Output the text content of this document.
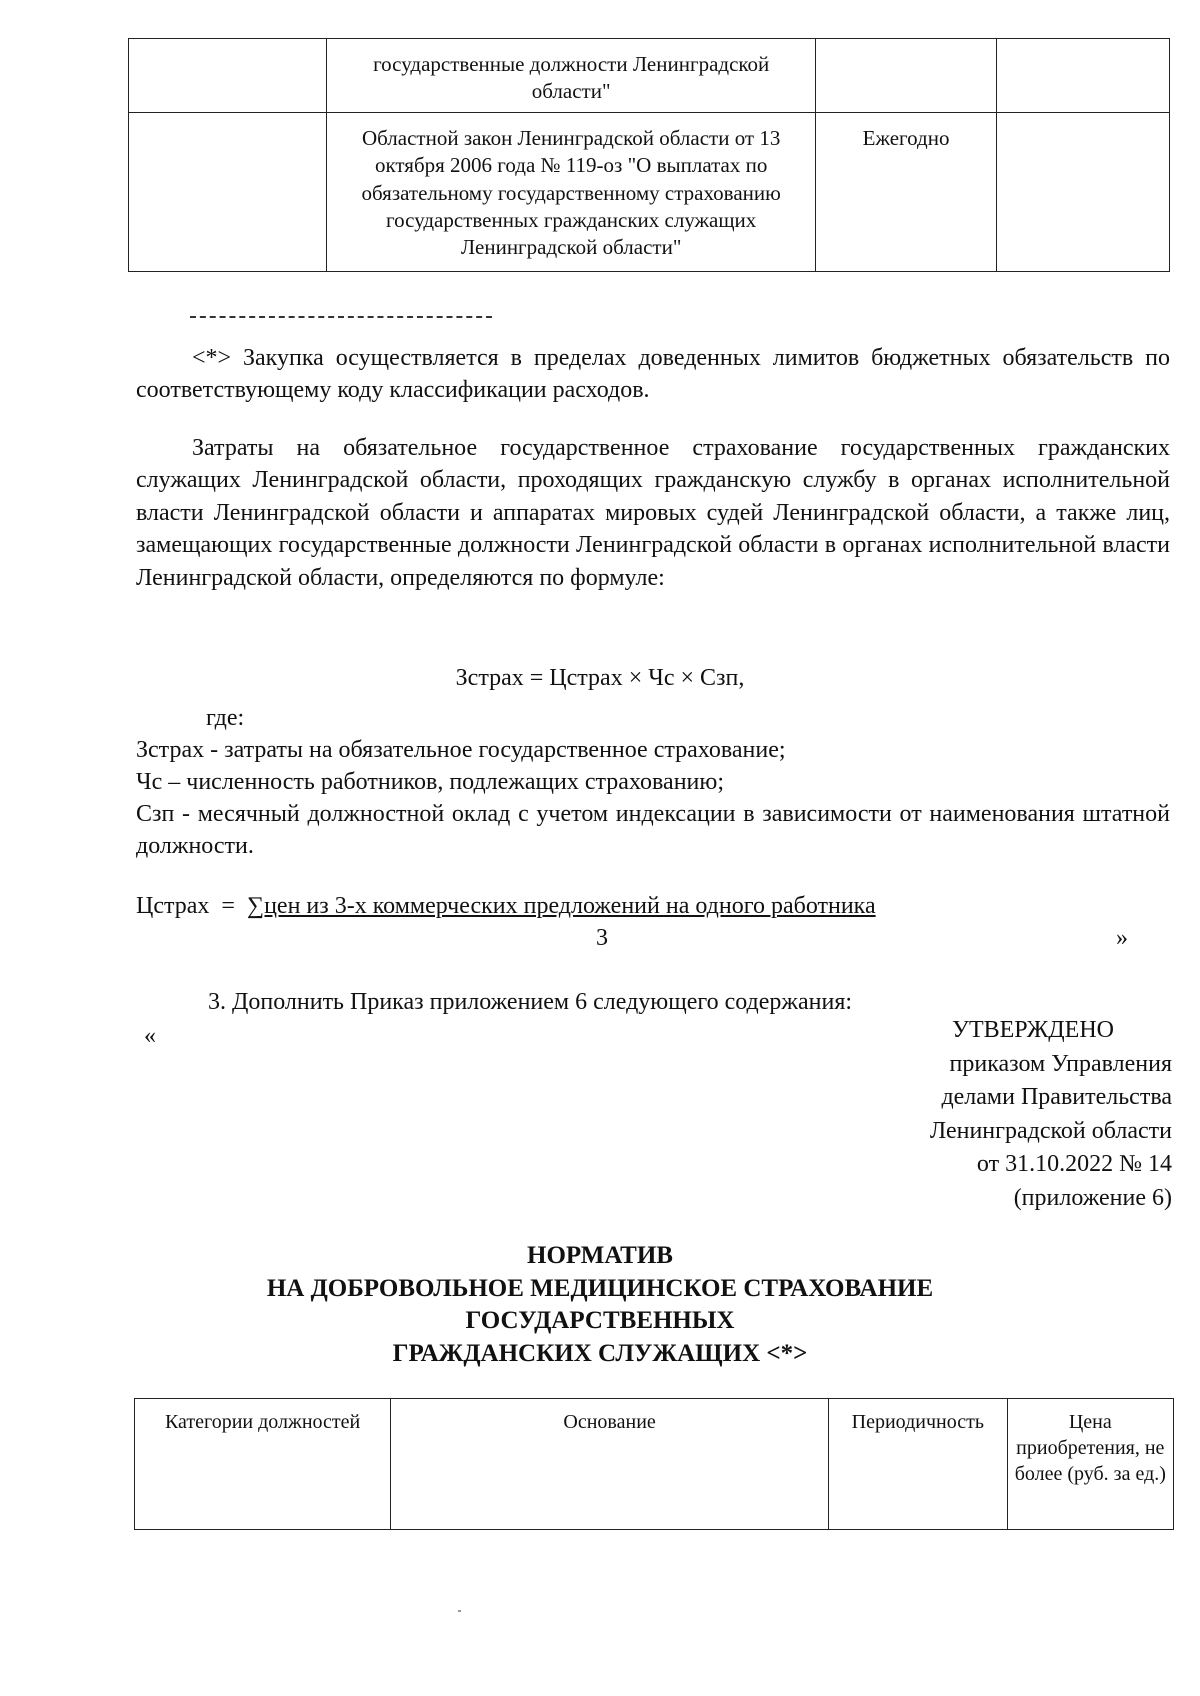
	государственные должности Ленинградской области"		
	Областной закон Ленинградской области от 13 октября 2006 года № 119-оз "О выплатах по обязательному государственному страхованию государственных гражданских служащих Ленинградской области"	Ежегодно	
<*> Закупка осуществляется в пределах доведенных лимитов бюджетных обязательств по соответствующему коду классификации расходов.
Затраты на обязательное государственное страхование государственных гражданских служащих Ленинградской области, проходящих гражданскую службу в органах исполнительной власти Ленинградской области и аппаратах мировых судей Ленинградской области, а также лиц, замещающих государственные должности Ленинградской области в органах исполнительной власти Ленинградской области, определяются по формуле:
Зстрах = Цстрах × Чс × Сзп,
где:
Зстрах - затраты на обязательное государственное страхование;
Чс – численность работников, подлежащих страхованию;
Сзп - месячный должностной оклад с учетом индексации в зависимости от наименования штатной должности.
Цстрах = ∑цен из 3-х коммерческих предложений на одного работника
3	»
3. Дополнить Приказ приложением 6 следующего содержания:
«	УТВЕРЖДЕНО
приказом Управления
делами Правительства
Ленинградской области
от 31.10.2022 № 14
(приложение 6)
НОРМАТИВ
НА ДОБРОВОЛЬНОЕ МЕДИЦИНСКОЕ СТРАХОВАНИЕ
ГОСУДАРСТВЕННЫХ
ГРАЖДАНСКИХ СЛУЖАЩИХ <*>
Категории должностей	Основание	Периодичность	Цена приобретения, не более (руб. за ед.)
